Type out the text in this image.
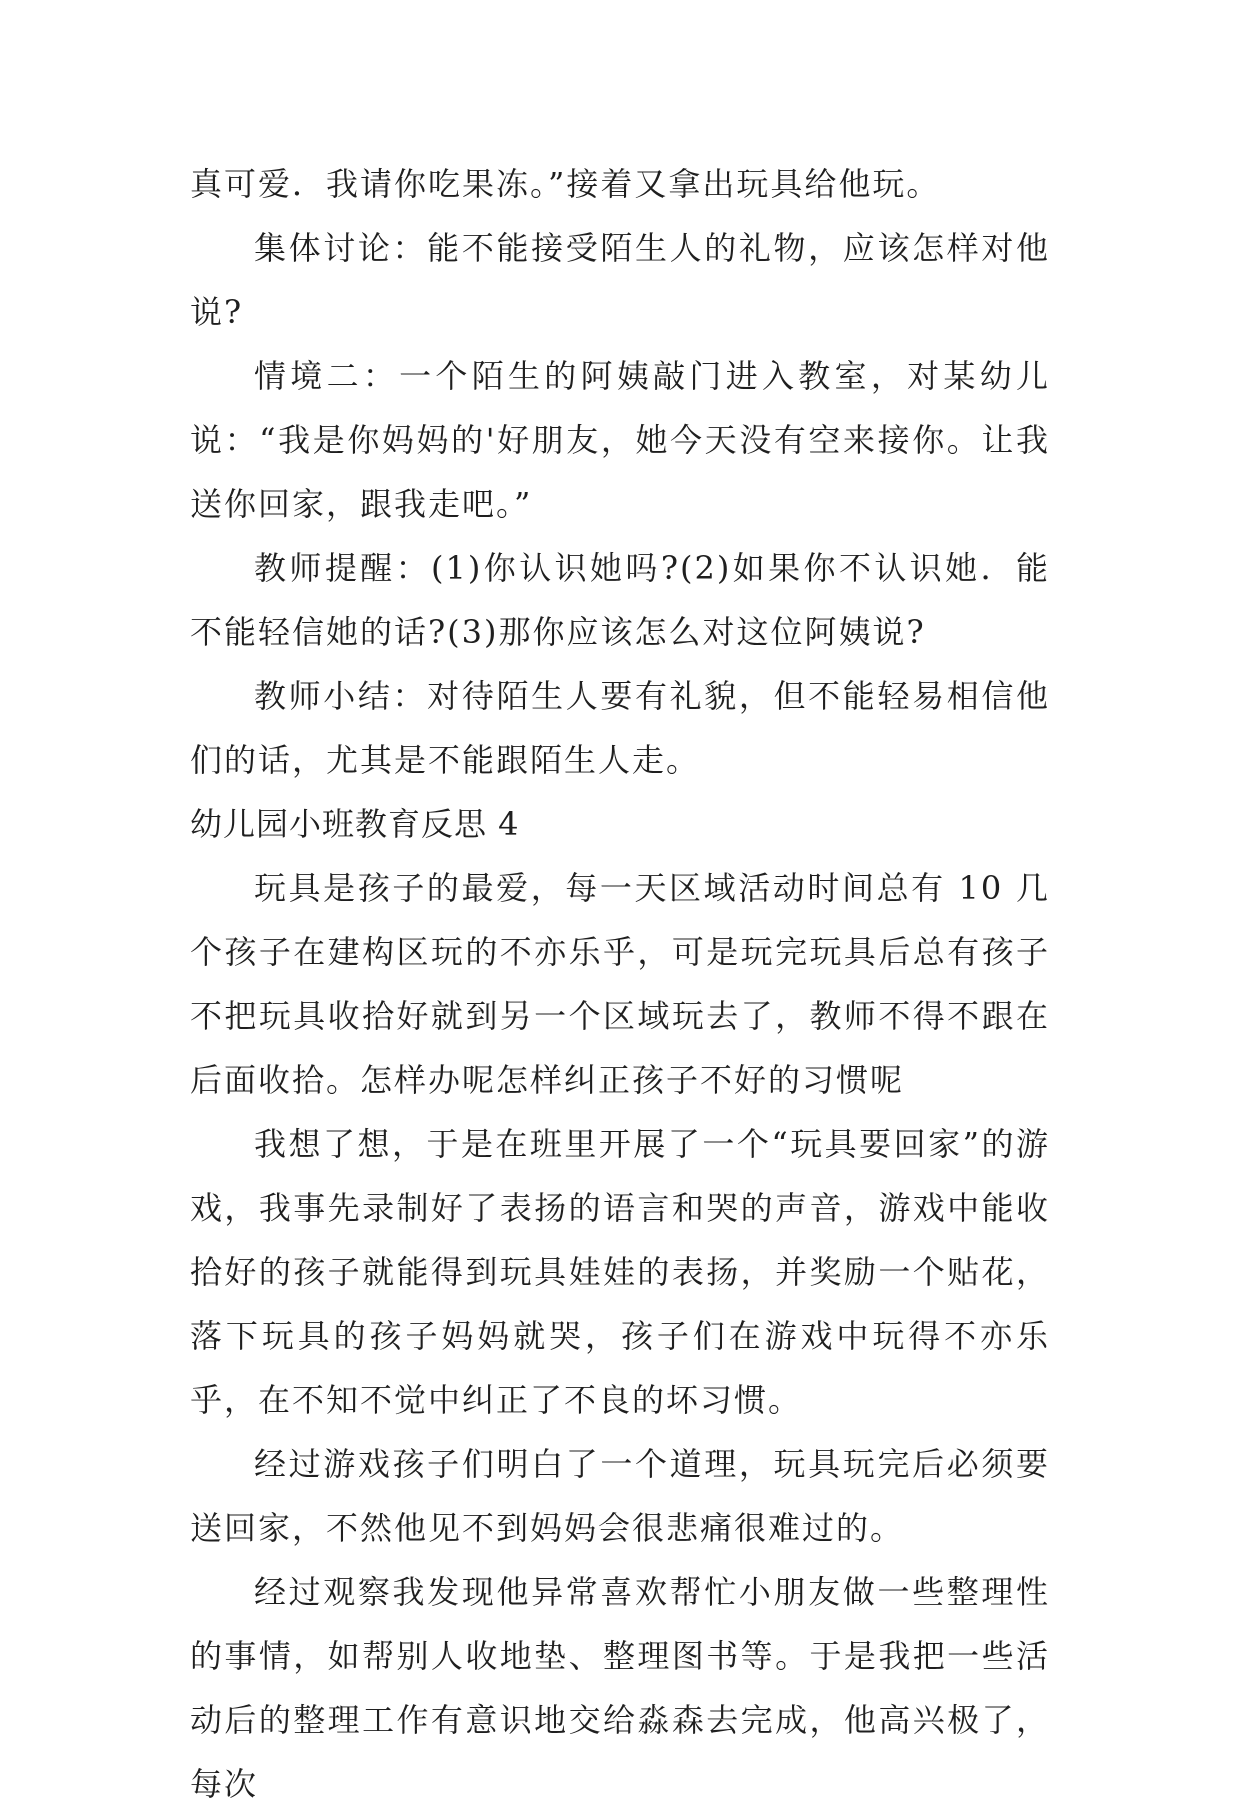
真可爱．我请你吃果冻。”接着又拿出玩具给他玩。

集体讨论：能不能接受陌生人的礼物，应该怎样对他说?

情境二：一个陌生的阿姨敲门进入教室，对某幼儿说：“我是你妈妈的'好朋友，她今天没有空来接你。让我送你回家，跟我走吧。”

教师提醒：(1)你认识她吗?(2)如果你不认识她．能不能轻信她的话?(3)那你应该怎么对这位阿姨说?

教师小结：对待陌生人要有礼貌，但不能轻易相信他们的话，尤其是不能跟陌生人走。

幼儿园小班教育反思 4

玩具是孩子的最爱，每一天区域活动时间总有 10 几个孩子在建构区玩的不亦乐乎，可是玩完玩具后总有孩子不把玩具收拾好就到另一个区域玩去了，教师不得不跟在后面收拾。怎样办呢怎样纠正孩子不好的习惯呢

我想了想，于是在班里开展了一个“玩具要回家”的游戏，我事先录制好了表扬的语言和哭的声音，游戏中能收拾好的孩子就能得到玩具娃娃的表扬，并奖励一个贴花，落下玩具的孩子妈妈就哭，孩子们在游戏中玩得不亦乐乎，在不知不觉中纠正了不良的坏习惯。

经过游戏孩子们明白了一个道理，玩具玩完后必须要送回家，不然他见不到妈妈会很悲痛很难过的。

经过观察我发现他异常喜欢帮忙小朋友做一些整理性的事情，如帮别人收地垫、整理图书等。于是我把一些活动后的整理工作有意识地交给淼森去完成，他高兴极了，每次
